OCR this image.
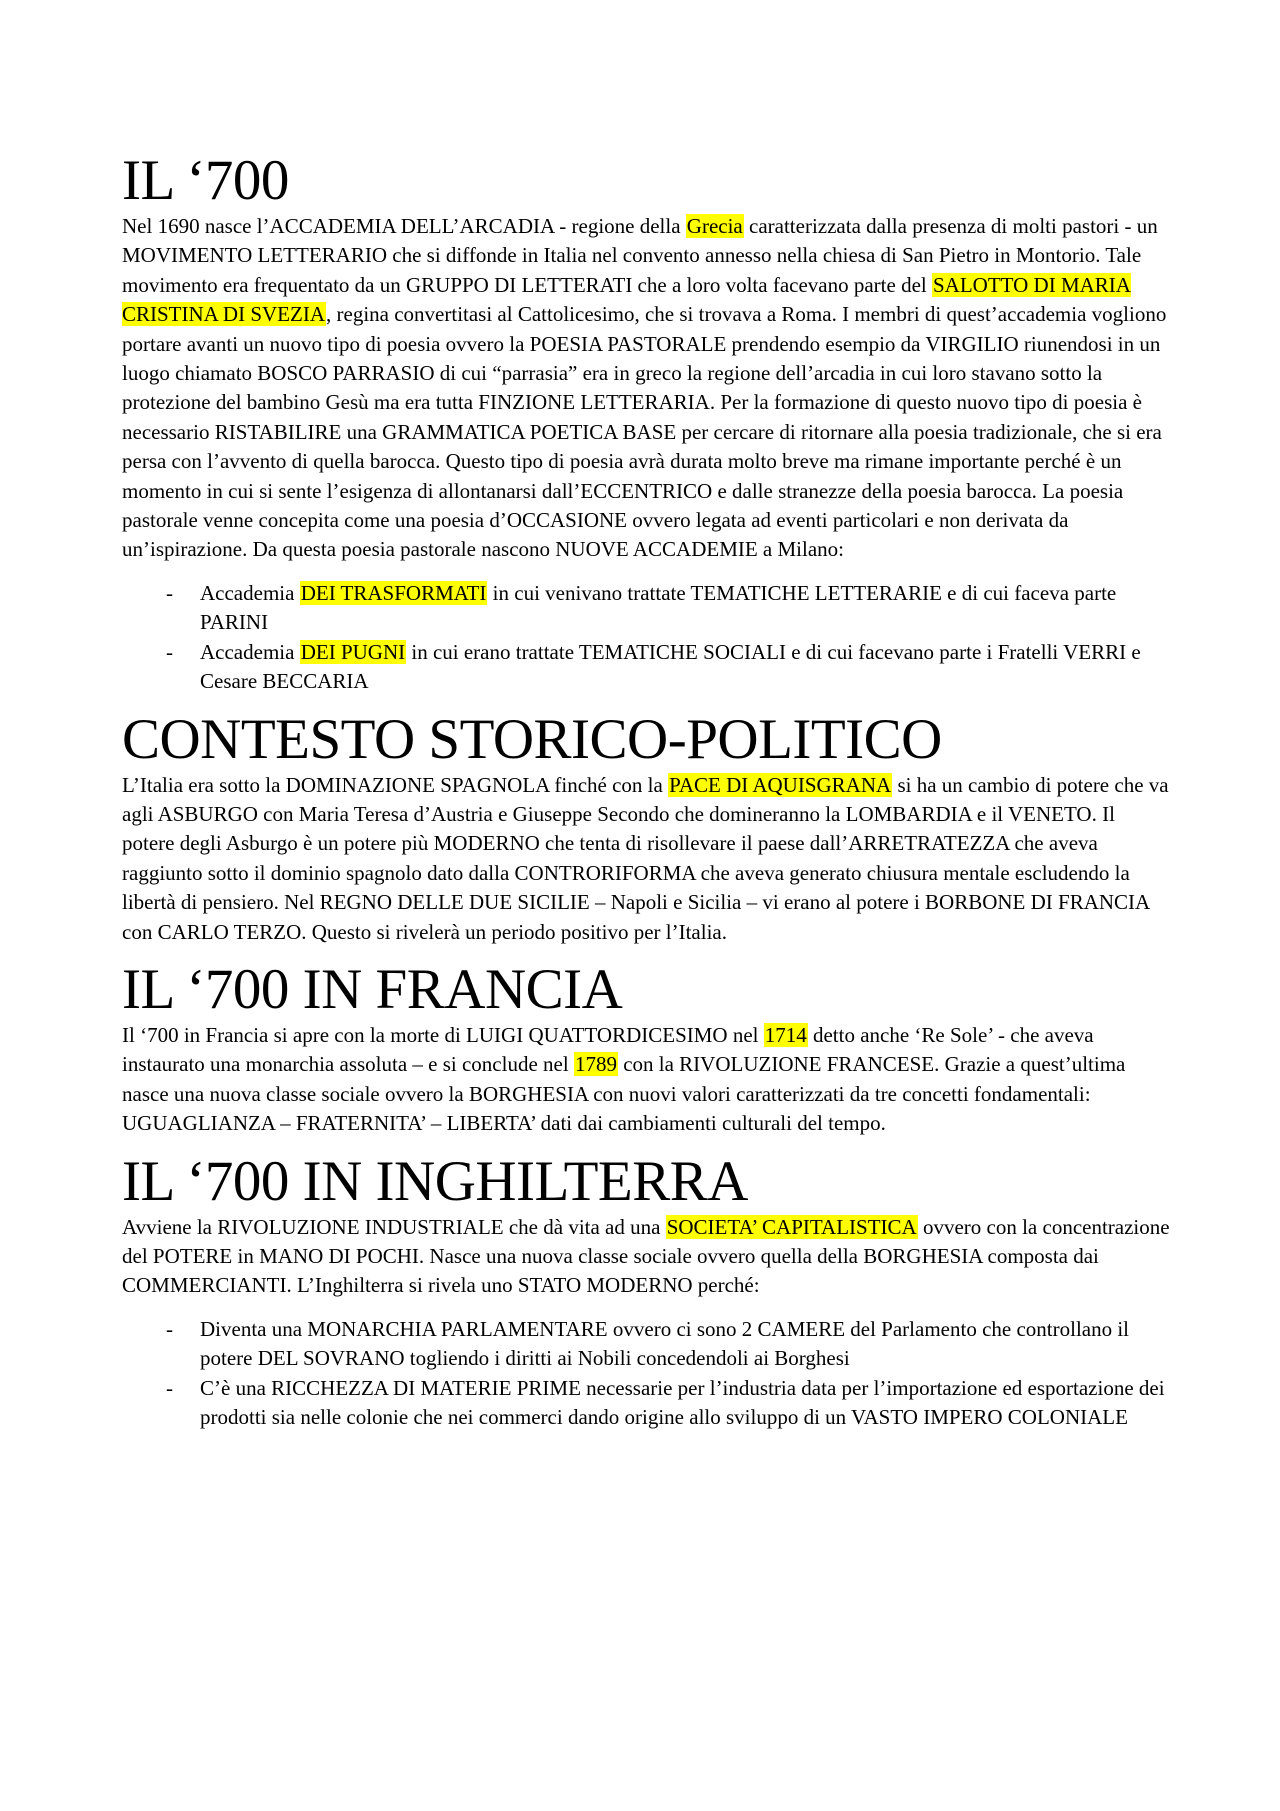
IL ‘700

Nel 1690 nasce l’ACCADEMIA DELL’ARCADIA - regione della Grecia caratterizzata dalla presenza di molti pastori - un MOVIMENTO LETTERARIO che si diffonde in Italia nel convento annesso nella chiesa di San Pietro in Montorio. Tale movimento era frequentato da un GRUPPO DI LETTERATI che a loro volta facevano parte del SALOTTO DI MARIA CRISTINA DI SVEZIA, regina convertitasi al Cattolicesimo, che si trovava a Roma. I membri di quest’accademia vogliono portare avanti un nuovo tipo di poesia ovvero la POESIA PASTORALE prendendo esempio da VIRGILIO riunendosi in un luogo chiamato BOSCO PARRASIO di cui “parrasia” era in greco la regione dell’arcadia in cui loro stavano sotto la protezione del bambino Gesù ma era tutta FINZIONE LETTERARIA. Per la formazione di questo nuovo tipo di poesia è necessario RISTABILIRE una GRAMMATICA POETICA BASE per cercare di ritornare alla poesia tradizionale, che si era persa con l’avvento di quella barocca. Questo tipo di poesia avrà durata molto breve ma rimane importante perché è un momento in cui si sente l’esigenza di allontanarsi dall’ECCENTRICO e dalle stranezze della poesia barocca. La poesia pastorale venne concepita come una poesia d’OCCASIONE ovvero legata ad eventi particolari e non derivata da un’ispirazione. Da questa poesia pastorale nascono NUOVE ACCADEMIE a Milano:

- Accademia DEI TRASFORMATI in cui venivano trattate TEMATICHE LETTERARIE e di cui faceva parte PARINI
- Accademia DEI PUGNI in cui erano trattate TEMATICHE SOCIALI e di cui facevano parte i Fratelli VERRI e Cesare BECCARIA
CONTESTO STORICO-POLITICO

L’Italia era sotto la DOMINAZIONE SPAGNOLA finché con la PACE DI AQUISGRANA si ha un cambio di potere che va agli ASBURGO con Maria Teresa d’Austria e Giuseppe Secondo che domineranno la LOMBARDIA e il VENETO. Il potere degli Asburgo è un potere più MODERNO che tenta di risollevare il paese dall’ARRETRATEZZA che aveva raggiunto sotto il dominio spagnolo dato dalla CONTRORIFORMA che aveva generato chiusura mentale escludendo la libertà di pensiero. Nel REGNO DELLE DUE SICILIE – Napoli e Sicilia – vi erano al potere i BORBONE DI FRANCIA con CARLO TERZO. Questo si rivelerà un periodo positivo per l’Italia.

IL ‘700 IN FRANCIA

Il ‘700 in Francia si apre con la morte di LUIGI QUATTORDICESIMO nel 1714 detto anche ‘Re Sole’ - che aveva instaurato una monarchia assoluta – e si conclude nel 1789 con la RIVOLUZIONE FRANCESE. Grazie a quest’ultima nasce una nuova classe sociale ovvero la BORGHESIA con nuovi valori caratterizzati da tre concetti fondamentali: UGUAGLIANZA – FRATERNITA’ – LIBERTA’ dati dai cambiamenti culturali del tempo.

IL ‘700 IN INGHILTERRA

Avviene la RIVOLUZIONE INDUSTRIALE che dà vita ad una SOCIETA’ CAPITALISTICA ovvero con la concentrazione del POTERE in MANO DI POCHI. Nasce una nuova classe sociale ovvero quella della BORGHESIA composta dai COMMERCIANTI. L’Inghilterra si rivela uno STATO MODERNO perché:

- Diventa una MONARCHIA PARLAMENTARE ovvero ci sono 2 CAMERE del Parlamento che controllano il potere DEL SOVRANO togliendo i diritti ai Nobili concedendoli ai Borghesi
- C’è una RICCHEZZA DI MATERIE PRIME necessarie per l’industria data per l’importazione ed esportazione dei prodotti sia nelle colonie che nei commerci dando origine allo sviluppo di un VASTO IMPERO COLONIALE
